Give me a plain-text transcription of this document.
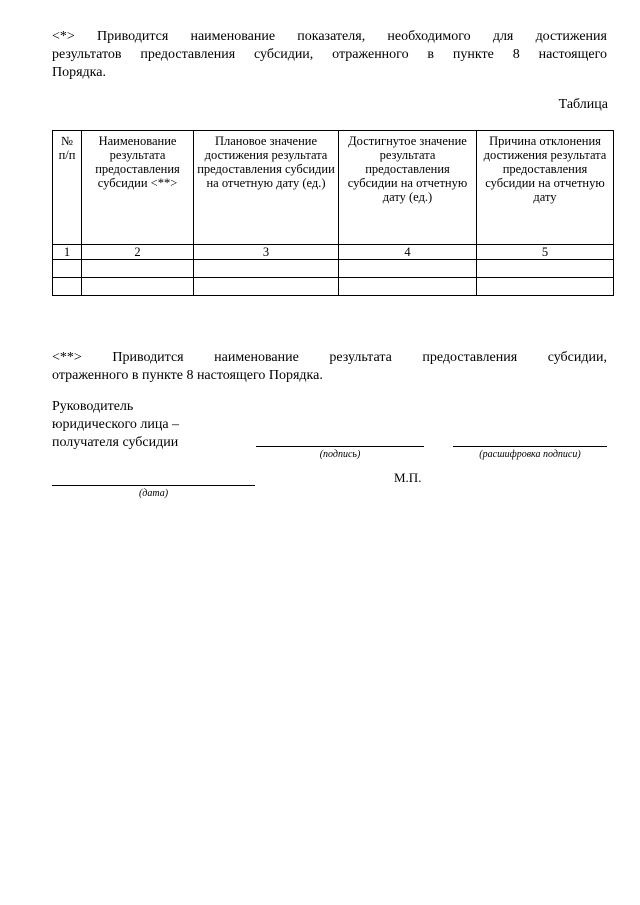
<*> Приводится наименование показателя, необходимого для достижения
результатов предоставления субсидии, отраженного в пункте 8 настоящего
Порядка.
Таблица
№ п/п	Наименование результата предоставления субсидии <**>	Плановое значение достижения результата предоставления субсидии на отчетную дату (ед.)	Достигнутое значение результата предоставления субсидии на отчетную дату (ед.)	Причина отклонения достижения результата предоставления субсидии на отчетную дату
1	2	3	4	5

<**> Приводится наименование результата предоставления субсидии,
отраженного в пункте 8 настоящего Порядка.
Руководитель
юридического лица –
получателя субсидии
(подпись)	(расшифровка подписи)
М.П.
(дата)
